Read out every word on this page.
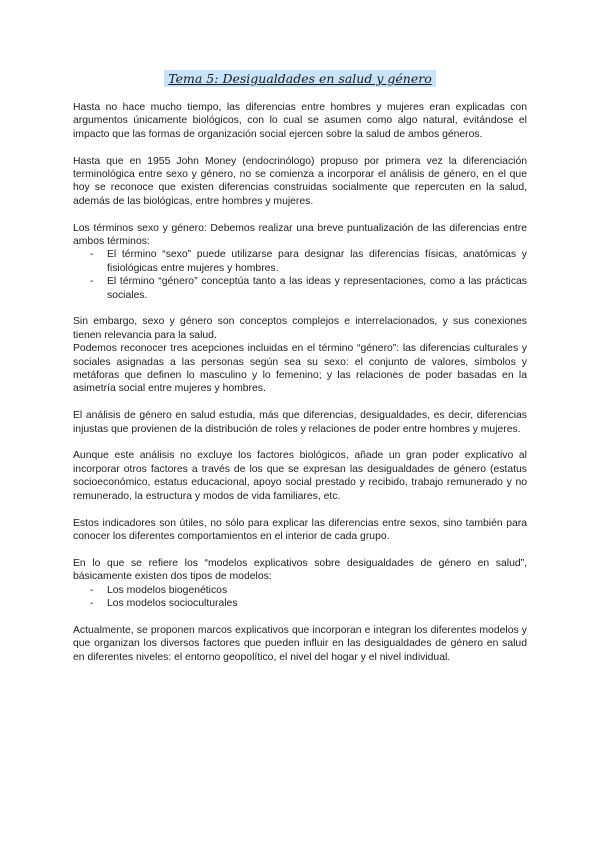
Tema 5: Desigualdades en salud y género

Hasta no hace mucho tiempo, las diferencias entre hombres y mujeres eran explicadas con argumentos únicamente biológicos, con lo cual se asumen como algo natural, evitándose el impacto que las formas de organización social ejercen sobre la salud de ambos géneros.

Hasta que en 1955 John Money (endocrinólogo) propuso por primera vez la diferenciación terminológica entre sexo y género, no se comienza a incorporar el análisis de género, en el que hoy se reconoce que existen diferencias construidas socialmente que repercuten en la salud, además de las biológicas, entre hombres y mujeres.

Los términos sexo y género: Debemos realizar una breve puntualización de las diferencias entre ambos términos:

- El término “sexo” puede utilizarse para designar las diferencias físicas, anatómicas y fisiológicas entre mujeres y hombres.
- El término “género” conceptúa tanto a las ideas y representaciones, como a las prácticas sociales.

Sin embargo, sexo y género son conceptos complejos e interrelacionados, y sus conexiones tienen relevancia para la salud.

Podemos reconocer tres acepciones incluidas en el término “género”: las diferencias culturales y sociales asignadas a las personas según sea su sexo: el conjunto de valores, símbolos y metáforas que definen lo masculino y lo femenino; y las relaciones de poder basadas en la asimetría social entre mujeres y hombres.

El análisis de género en salud estudia, más que diferencias, desigualdades, es decir, diferencias injustas que provienen de la distribución de roles y relaciones de poder entre hombres y mujeres.

Aunque este análisis no excluye los factores biológicos, añade un gran poder explicativo al incorporar otros factores a través de los que se expresan las desigualdades de género (estatus socioeconómico, estatus educacional, apoyo social prestado y recibido, trabajo remunerado y no remunerado, la estructura y modos de vida familiares, etc.

Estos indicadores son útiles, no sólo para explicar las diferencias entre sexos, sino también para conocer los diferentes comportamientos en el interior de cada grupo.

En lo que se refiere los “modelos explicativos sobre desigualdades de género en salud”, básicamente existen dos tipos de modelos:

- Los modelos biogenéticos
- Los modelos socioculturales

Actualmente, se proponen marcos explicativos que incorporan e integran los diferentes modelos y que organizan los diversos factores que pueden influir en las desigualdades de género en salud en diferentes niveles: el entorno geopolítico, el nivel del hogar y el nivel individual.
